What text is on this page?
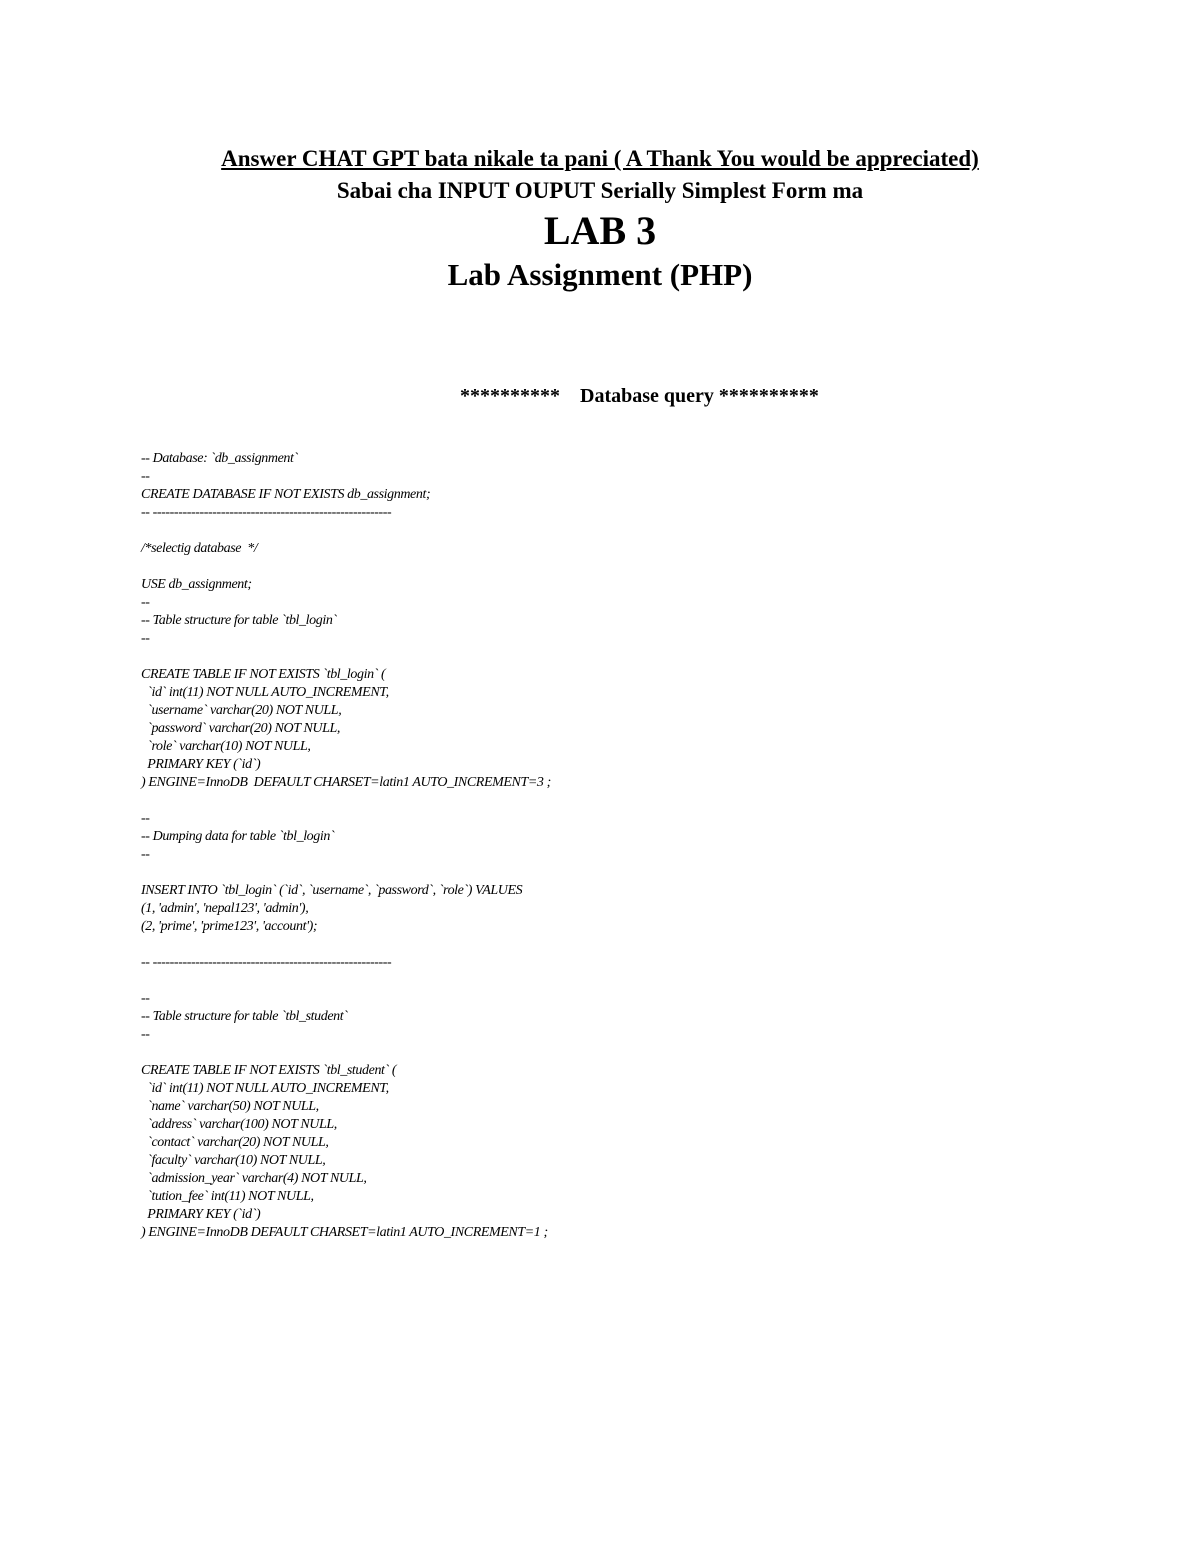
Answer CHAT GPT bata nikale ta pani ( A Thank You would be appreciated)
Sabai cha INPUT OUPUT Serially Simplest Form ma
LAB 3
Lab Assignment (PHP)
**********    Database query **********
-- Database: `db_assignment`
--
CREATE DATABASE IF NOT EXISTS db_assignment;
-- --------------------------------------------------------
/*selectig database  */
USE db_assignment;
--
-- Table structure for table `tbl_login`
--
CREATE TABLE IF NOT EXISTS `tbl_login` (
`id` int(11) NOT NULL AUTO_INCREMENT,
`username` varchar(20) NOT NULL,
`password` varchar(20) NOT NULL,
`role` varchar(10) NOT NULL,
PRIMARY KEY (`id`)
) ENGINE=InnoDB  DEFAULT CHARSET=latin1 AUTO_INCREMENT=3 ;
--
-- Dumping data for table `tbl_login`
--
INSERT INTO `tbl_login` (`id`, `username`, `password`, `role`) VALUES
(1, 'admin', 'nepal123', 'admin'),
(2, 'prime', 'prime123', 'account');
-- --------------------------------------------------------
--
-- Table structure for table `tbl_student`
--
CREATE TABLE IF NOT EXISTS `tbl_student` (
`id` int(11) NOT NULL AUTO_INCREMENT,
`name` varchar(50) NOT NULL,
`address` varchar(100) NOT NULL,
`contact` varchar(20) NOT NULL,
`faculty` varchar(10) NOT NULL,
`admission_year` varchar(4) NOT NULL,
`tution_fee` int(11) NOT NULL,
PRIMARY KEY (`id`)
) ENGINE=InnoDB DEFAULT CHARSET=latin1 AUTO_INCREMENT=1 ;
